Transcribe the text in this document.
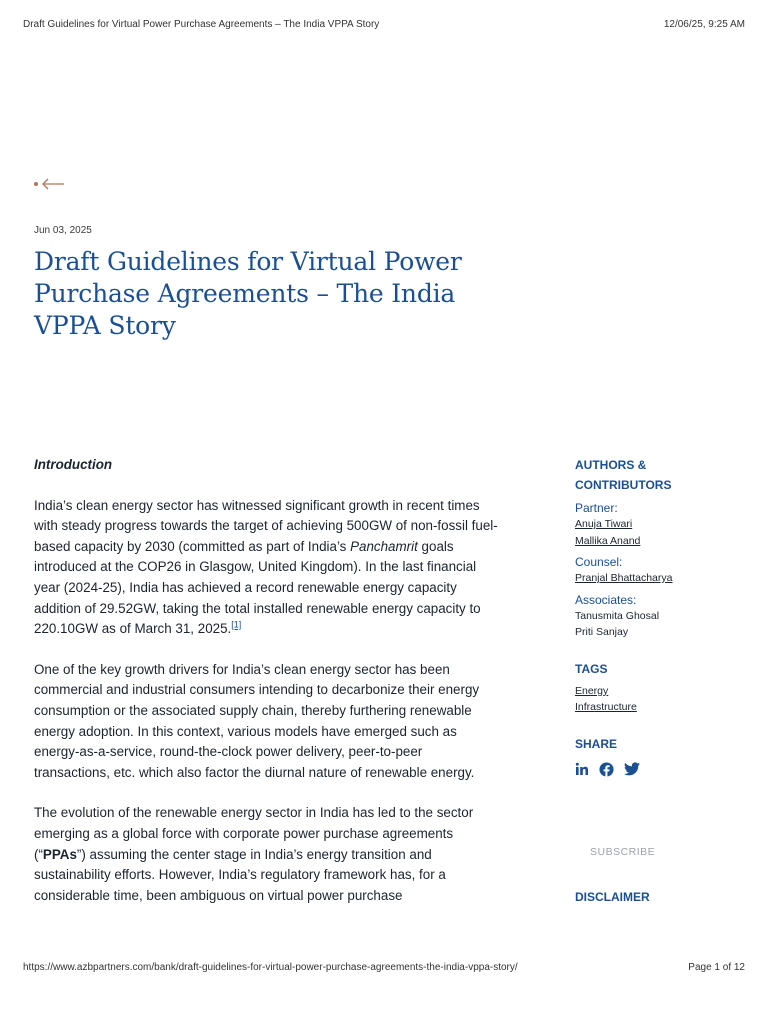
Draft Guidelines for Virtual Power Purchase Agreements – The India VPPA Story	12/06/25, 9:25 AM
Jun 03, 2025
Draft Guidelines for Virtual Power Purchase Agreements – The India VPPA Story
Introduction

India’s clean energy sector has witnessed significant growth in recent times with steady progress towards the target of achieving 500GW of non-fossil fuel-based capacity by 2030 (committed as part of India’s Panchamrit goals introduced at the COP26 in Glasgow, United Kingdom). In the last financial year (2024-25), India has achieved a record renewable energy capacity addition of 29.52GW, taking the total installed renewable energy capacity to 220.10GW as of March 31, 2025.[1]

One of the key growth drivers for India’s clean energy sector has been commercial and industrial consumers intending to decarbonize their energy consumption or the associated supply chain, thereby furthering renewable energy adoption. In this context, various models have emerged such as energy-as-a-service, round-the-clock power delivery, peer-to-peer transactions, etc. which also factor the diurnal nature of renewable energy.

The evolution of the renewable energy sector in India has led to the sector emerging as a global force with corporate power purchase agreements (“PPAs”) assuming the center stage in India’s energy transition and sustainability efforts. However, India’s regulatory framework has, for a considerable time, been ambiguous on virtual power purchase

AUTHORS & CONTRIBUTORS
Partner:
Anuja Tiwari
Mallika Anand
Counsel:
Pranjal Bhattacharya
Associates:
Tanusmita Ghosal
Priti Sanjay
TAGS
Energy
Infrastructure
SHARE
SUBSCRIBE
DISCLAIMER
https://www.azbpartners.com/bank/draft-guidelines-for-virtual-power-purchase-agreements-the-india-vppa-story/	Page 1 of 12
